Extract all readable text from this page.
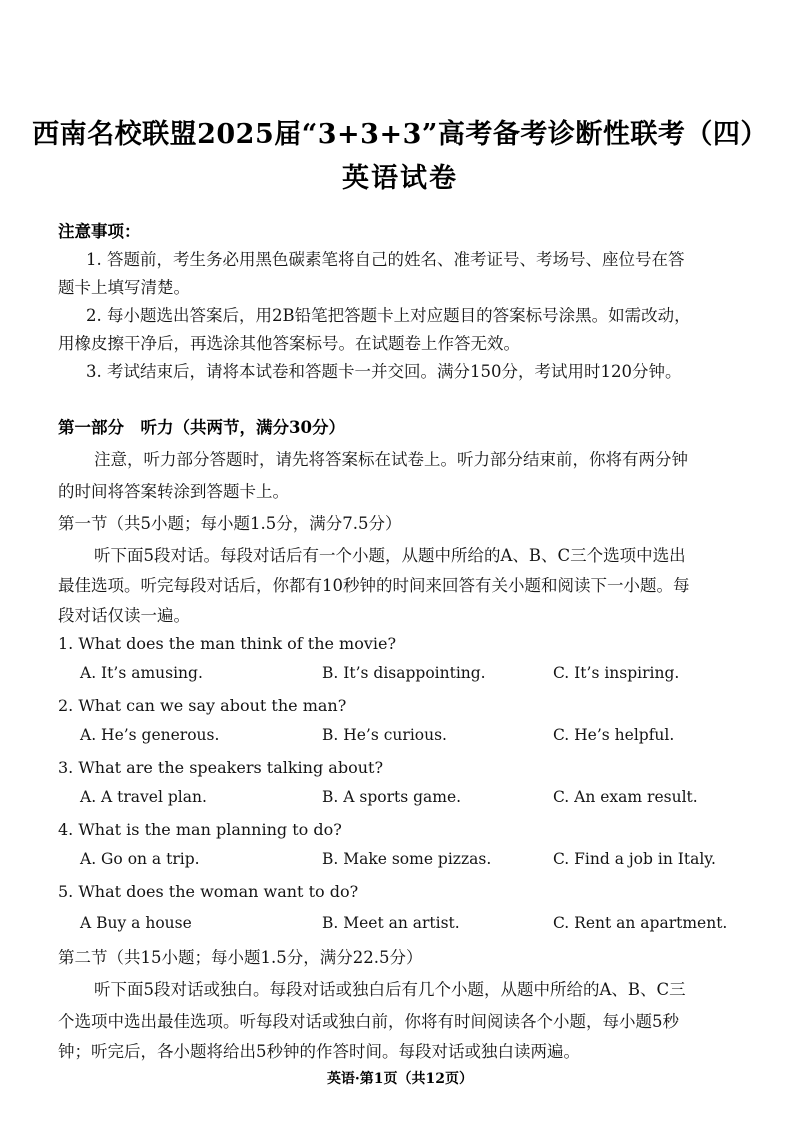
西南名校联盟2025届“3+3+3”高考备考诊断性联考（四）
英语试卷
注意事项：
1. 答题前，考生务必用黑色碳素笔将自己的姓名、准考证号、考场号、座位号在答
题卡上填写清楚。
2. 每小题选出答案后，用2B铅笔把答题卡上对应题目的答案标号涂黑。如需改动，
用橡皮擦干净后，再选涂其他答案标号。在试题卷上作答无效。
3. 考试结束后，请将本试卷和答题卡一并交回。满分150分，考试用时120分钟。
第一部分　听力（共两节，满分30分）
注意，听力部分答题时，请先将答案标在试卷上。听力部分结束前，你将有两分钟
的时间将答案转涂到答题卡上。
第一节（共5小题；每小题1.5分，满分7.5分）
听下面5段对话。每段对话后有一个小题，从题中所给的A、B、C三个选项中选出
最佳选项。听完每段对话后，你都有10秒钟的时间来回答有关小题和阅读下一小题。每
段对话仅读一遍。
1. What does the man think of the movie?
A. It’s amusing.	B. It’s disappointing.	C. It’s inspiring.
2. What can we say about the man?
A. He’s generous.	B. He’s curious.	C. He’s helpful.
3. What are the speakers talking about?
A. A travel plan.	B. A sports game.	C. An exam result.
4. What is the man planning to do?
A. Go on a trip.	B. Make some pizzas.	C. Find a job in Italy.
5. What does the woman want to do?
A Buy a house	B. Meet an artist.	C. Rent an apartment.
第二节（共15小题；每小题1.5分，满分22.5分）
听下面5段对话或独白。每段对话或独白后有几个小题，从题中所给的A、B、C三
个选项中选出最佳选项。听每段对话或独白前，你将有时间阅读各个小题，每小题5秒
钟；听完后，各小题将给出5秒钟的作答时间。每段对话或独白读两遍。
英语·第1页（共12页）
